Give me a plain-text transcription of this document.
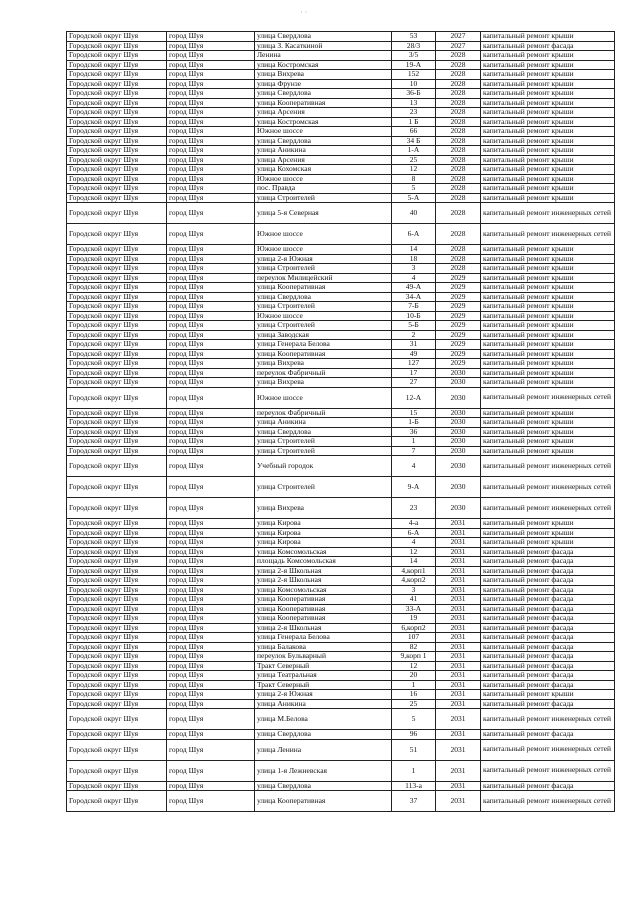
· ·
Городской округ Шуя	город Шуя	улица Свердлова	53	2027	капитальный ремонт крыши
Городской округ Шуя	город Шуя	улица З. Касаткиной	28/3	2027	капитальный ремонт фасада
Городской округ Шуя	город Шуя	Ленина	3/5	2028	капитальный ремонт крыши
Городской округ Шуя	город Шуя	улица Костромская	19-А	2028	капитальный ремонт крыши
Городской округ Шуя	город Шуя	улица Вихрева	152	2028	капитальный ремонт крыши
Городской округ Шуя	город Шуя	улица Фрунзе	10	2028	капитальный ремонт крыши
Городской округ Шуя	город Шуя	улица Свердлова	36-Б	2028	капитальный ремонт крыши
Городской округ Шуя	город Шуя	улица Кооперативная	13	2028	капитальный ремонт крыши
Городской округ Шуя	город Шуя	улица Арсения	23	2028	капитальный ремонт крыши
Городской округ Шуя	город Шуя	улица Костромская	1 Б	2028	капитальный ремонт крыши
Городской округ Шуя	город Шуя	Южное шоссе	66	2028	капитальный ремонт крыши
Городской округ Шуя	город Шуя	улица Свердлова	34 Б	2028	капитальный ремонт крыши
Городской округ Шуя	город Шуя	улица Аникина	1-А	2028	капитальный ремонт крыши
Городской округ Шуя	город Шуя	улица Арсения	25	2028	капитальный ремонт крыши
Городской округ Шуя	город Шуя	улица Кохомская	12	2028	капитальный ремонт крыши
Городской округ Шуя	город Шуя	Южное шоссе	8	2028	капитальный ремонт крыши
Городской округ Шуя	город Шуя	пос. Правда	5	2028	капитальный ремонт крыши
Городской округ Шуя	город Шуя	улица Строителей	5-А	2028	капитальный ремонт крыши
Городской округ Шуя	город Шуя	улица 5-я Северная	40	2028	капитальный ремонт инженерных сетей
Городской округ Шуя	город Шуя	Южное шоссе	6-А	2028	капитальный ремонт инженерных сетей
Городской округ Шуя	город Шуя	Южное шоссе	14	2028	капитальный ремонт крыши
Городской округ Шуя	город Шуя	улица 2-я Южная	18	2028	капитальный ремонт крыши
Городской округ Шуя	город Шуя	улица Строителей	3	2028	капитальный ремонт крыши
Городской округ Шуя	город Шуя	переулок Милицейский	4	2029	капитальный ремонт крыши
Городской округ Шуя	город Шуя	улица Кооперативная	49-А	2029	капитальный ремонт крыши
Городской округ Шуя	город Шуя	улица Свердлова	34-А	2029	капитальный ремонт крыши
Городской округ Шуя	город Шуя	улица Строителей	7-Б	2029	капитальный ремонт крыши
Городской округ Шуя	город Шуя	Южное шоссе	10-Б	2029	капитальный ремонт крыши
Городской округ Шуя	город Шуя	улица Строителей	5-Б	2029	капитальный ремонт крыши
Городской округ Шуя	город Шуя	улица Заводская	2	2029	капитальный ремонт крыши
Городской округ Шуя	город Шуя	улица Генерала Белова	31	2029	капитальный ремонт крыши
Городской округ Шуя	город Шуя	улица Кооперативная	49	2029	капитальный ремонт крыши
Городской округ Шуя	город Шуя	улица Вихрева	127	2029	капитальный ремонт крыши
Городской округ Шуя	город Шуя	переулок Фабричный	17	2030	капитальный ремонт крыши
Городской округ Шуя	город Шуя	улица Вихрева	27	2030	капитальный ремонт крыши
Городской округ Шуя	город Шуя	Южное шоссе	12-А	2030	капитальный ремонт инженерных сетей
Городской округ Шуя	город Шуя	переулок Фабричный	15	2030	капитальный ремонт крыши
Городской округ Шуя	город Шуя	улица Аникина	1-Б	2030	капитальный ремонт крыши
Городской округ Шуя	город Шуя	улица Свердлова	36	2030	капитальный ремонт крыши
Городской округ Шуя	город Шуя	улица Строителей	1	2030	капитальный ремонт крыши
Городской округ Шуя	город Шуя	улица Строителей	7	2030	капитальный ремонт крыши
Городской округ Шуя	город Шуя	Учебный городок	4	2030	капитальный ремонт инженерных сетей
Городской округ Шуя	город Шуя	улица Строителей	9-А	2030	капитальный ремонт инженерных сетей
Городской округ Шуя	город Шуя	улица Вихрева	23	2030	капитальный ремонт инженерных сетей
Городской округ Шуя	город Шуя	улица Кирова	4-а	2031	капитальный ремонт крыши
Городской округ Шуя	город Шуя	улица Кирова	6-А	2031	капитальный ремонт крыши
Городской округ Шуя	город Шуя	улица Кирова	4	2031	капитальный ремонт крыши
Городской округ Шуя	город Шуя	улица Комсомольская	12	2031	капитальный ремонт фасада
Городской округ Шуя	город Шуя	площадь Комсомольская	14	2031	капитальный ремонт фасада
Городской округ Шуя	город Шуя	улица 2-я Школьная	4,корп1	2031	капитальный ремонт фасада
Городской округ Шуя	город Шуя	улица 2-я Школьная	4,корп2	2031	капитальный ремонт фасада
Городской округ Шуя	город Шуя	улица Комсомольская	3	2031	капитальный ремонт фасада
Городской округ Шуя	город Шуя	улица Кооперативная	41	2031	капитальный ремонт фасада
Городской округ Шуя	город Шуя	улица Кооперативная	33-А	2031	капитальный ремонт фасада
Городской округ Шуя	город Шуя	улица Кооперативная	19	2031	капитальный ремонт фасада
Городской округ Шуя	город Шуя	улица 2-я Школьная	6,корп2	2031	капитальный ремонт фасада
Городской округ Шуя	город Шуя	улица Генерала Белова	107	2031	капитальный ремонт фасада
Городской округ Шуя	город Шуя	улица Балакова	82	2031	капитальный ремонт фасада
Городской округ Шуя	город Шуя	переулок Бульварный	9,корп 1	2031	капитальный ремонт фасада
Городской округ Шуя	город Шуя	Тракт Северный	12	2031	капитальный ремонт фасада
Городской округ Шуя	город Шуя	улица Театральная	20	2031	капитальный ремонт фасада
Городской округ Шуя	город Шуя	Тракт Северный	1	2031	капитальный ремонт фасада
Городской округ Шуя	город Шуя	улица 2-я Южная	16	2031	капитальный ремонт крыши
Городской округ Шуя	город Шуя	улица Аникина	25	2031	капитальный ремонт фасада
Городской округ Шуя	город Шуя	улица М.Белова	5	2031	капитальный ремонт инженерных сетей
Городской округ Шуя	город Шуя	улица Свердлова	96	2031	капитальный ремонт фасада
Городской округ Шуя	город Шуя	улица Ленина	51	2031	капитальный ремонт инженерных сетей
Городской округ Шуя	город Шуя	улица 1-я Лежневская	1	2031	капитальный ремонт инженерных сетей
Городской округ Шуя	город Шуя	улица Свердлова	113-а	2031	капитальный ремонт фасада
Городской округ Шуя	город Шуя	улица Кооперативная	37	2031	капитальный ремонт инженерных сетей
